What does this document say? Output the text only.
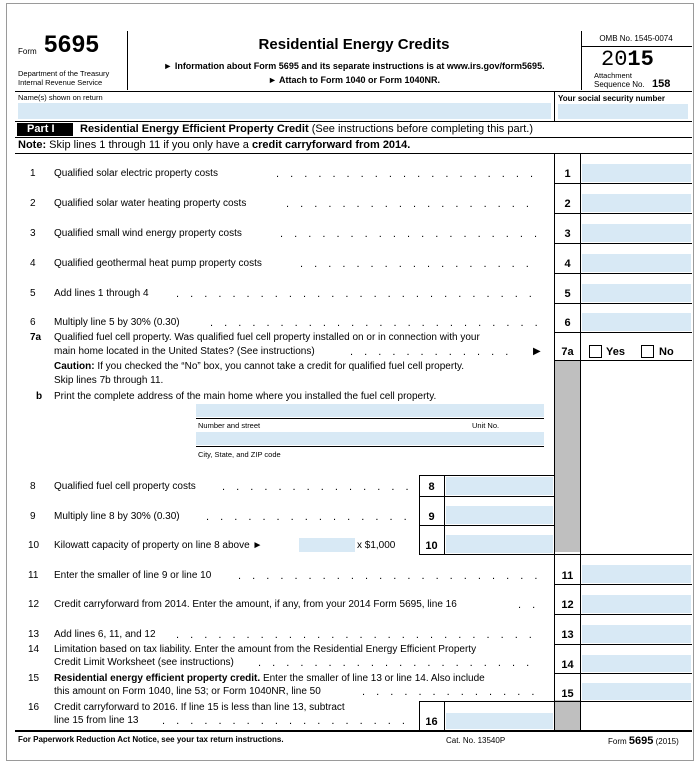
Form 5695
Department of the Treasury
Internal Revenue Service
Residential Energy Credits
► Information about Form 5695 and its separate instructions is at www.irs.gov/form5695.
► Attach to Form 1040 or Form 1040NR.
OMB No. 1545-0074
2015
Attachment
Sequence No. 158
Name(s) shown on return	Your social security number
Part I Residential Energy Efficient Property Credit (See instructions before completing this part.)
Note: Skip lines 1 through 11 if you only have a credit carryforward from 2014.
1 Qualified solar electric property costs	. . . . . . . . . . . . . . . . . . .	1
2 Qualified solar water heating property costs	. . . . . . . . . . . . . . . . . .	2
3 Qualified small wind energy property costs	. . . . . . . . . . . . . . . . . . .	3
4 Qualified geothermal heat pump property costs	. . . . . . . . . . . . . . . . .	4
5 Add lines 1 through 4 . . . . . . . . . . . . . . . . . . . . . . . . . .	5
6 Multiply line 5 by 30% (0.30)	. . . . . . . . . . . . . . . . . . . . . . . .	6
7a Qualified fuel cell property. Was qualified fuel cell property installed on or in connection with your
main home located in the United States? (See instructions)	. . . . . . . . . . . .	▶	7a	Yes	No
Caution: If you checked the “No” box, you cannot take a credit for qualified fuel cell property.
Skip lines 7b through 11.
b Print the complete address of the main home where you installed the fuel cell property.
Number and street	Unit No.
City, State, and ZIP code
8 Qualified fuel cell property costs . . . . . . . . . . . . . .	8
9 Multiply line 8 by 30% (0.30) . . . . . . . . . . . . . . .	9
10 Kilowatt capacity of property on line 8 above ►	x $1,000	10
11 Enter the smaller of line 9 or line 10 . . . . . . . . . . . . . . . . . . . . . .	11
12 Credit carryforward from 2014. Enter the amount, if any, from your 2014 Form 5695, line 16	. .	12
13 Add lines 6, 11, and 12 . . . . . . . . . . . . . . . . . . . . . . . . . .	13
14 Limitation based on tax liability. Enter the amount from the Residential Energy Efficient Property
Credit Limit Worksheet (see instructions) . . . . . . . . . . . . . . . . . . . .	14
15 Residential energy efficient property credit. Enter the smaller of line 13 or line 14. Also include
this amount on Form 1040, line 53; or Form 1040NR, line 50	. . . . . . . . . . . . .	15
16 Credit carryforward to 2016. If line 15 is less than line 13, subtract
line 15 from line 13 . . . . . . . . . . . . . . . . . .	16
For Paperwork Reduction Act Notice, see your tax return instructions.	Cat. No. 13540P	Form 5695 (2015)
